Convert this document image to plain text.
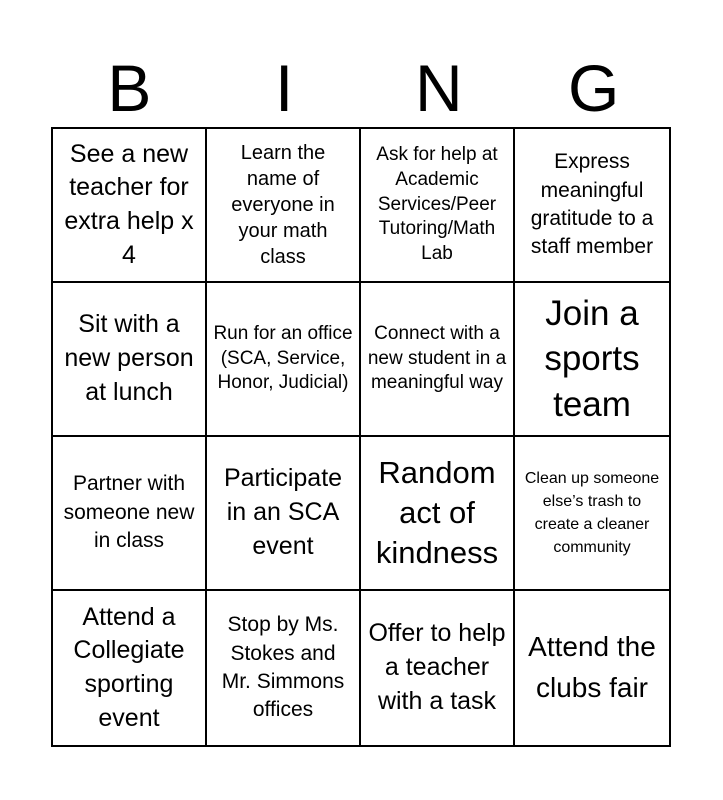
B	I	N	G
See a new teacher for extra help x 4
Learn the name of everyone in your math class
Ask for help at Academic Services/Peer Tutoring/Math Lab
Express meaningful gratitude to a staff member
Sit with a new person at lunch
Run for an office (SCA, Service, Honor, Judicial)
Connect with a new student in a meaningful way
Join a sports team
Partner with someone new in class
Participate in an SCA event
Random act of kindness
Clean up someone else’s trash to create a cleaner community
Attend a Collegiate sporting event
Stop by Ms. Stokes and Mr. Simmons offices
Offer to help a teacher with a task
Attend the clubs fair
